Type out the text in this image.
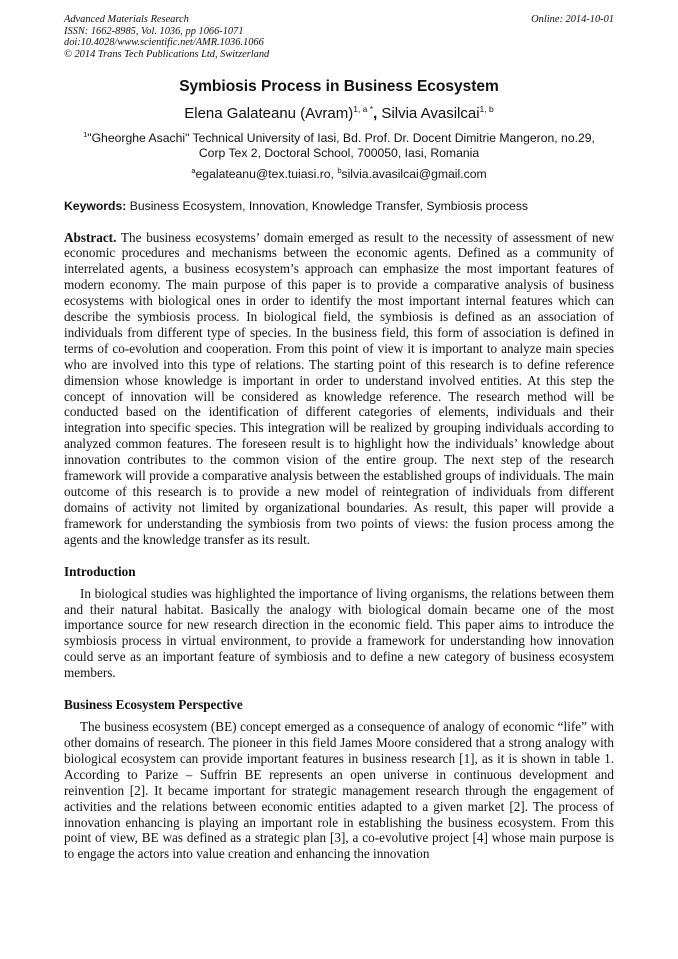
Advanced Materials Research
ISSN: 1662-8985, Vol. 1036, pp 1066-1071
doi:10.4028/www.scientific.net/AMR.1036.1066
© 2014 Trans Tech Publications Ltd, Switzerland
Online: 2014-10-01
Symbiosis Process in Business Ecosystem
Elena Galateanu (Avram)$^{1, a *}$, Silvia Avasilcai$^{1, b}$
$^1$"Gheorghe Asachi" Technical University of Iasi, Bd. Prof. Dr. Docent Dimitrie Mangeron, no.29,
Corp Tex 2, Doctoral School, 700050, Iasi, Romania
$^a$egalateanu@tex.tuiasi.ro, $^b$silvia.avasilcai@gmail.com
Keywords: Business Ecosystem, Innovation, Knowledge Transfer, Symbiosis process

Abstract. The business ecosystems’ domain emerged as result to the necessity of assessment of new economic procedures and mechanisms between the economic agents. Defined as a community of interrelated agents, a business ecosystem’s approach can emphasize the most important features of modern economy. The main purpose of this paper is to provide a comparative analysis of business ecosystems with biological ones in order to identify the most important internal features which can describe the symbiosis process. In biological field, the symbiosis is defined as an association of individuals from different type of species. In the business field, this form of association is defined in terms of co-evolution and cooperation. From this point of view it is important to analyze main species who are involved into this type of relations. The starting point of this research is to define reference dimension whose knowledge is important in order to understand involved entities. At this step the concept of innovation will be considered as knowledge reference. The research method will be conducted based on the identification of different categories of elements, individuals and their integration into specific species. This integration will be realized by grouping individuals according to analyzed common features. The foreseen result is to highlight how the individuals’ knowledge about innovation contributes to the common vision of the entire group. The next step of the research framework will provide a comparative analysis between the established groups of individuals. The main outcome of this research is to provide a new model of reintegration of individuals from different domains of activity not limited by organizational boundaries. As result, this paper will provide a framework for understanding the symbiosis from two points of views: the fusion process among the agents and the knowledge transfer as its result.

Introduction

In biological studies was highlighted the importance of living organisms, the relations between them and their natural habitat. Basically the analogy with biological domain became one of the most importance source for new research direction in the economic field. This paper aims to introduce the symbiosis process in virtual environment, to provide a framework for understanding how innovation could serve as an important feature of symbiosis and to define a new category of business ecosystem members.

Business Ecosystem Perspective

The business ecosystem (BE) concept emerged as a consequence of analogy of economic “life” with other domains of research. The pioneer in this field James Moore considered that a strong analogy with biological ecosystem can provide important features in business research [1], as it is shown in table 1. According to Parize – Suffrin BE represents an open universe in continuous development and reinvention [2]. It became important for strategic management research through the engagement of activities and the relations between economic entities adapted to a given market [2]. The process of innovation enhancing is playing an important role in establishing the business ecosystem. From this point of view, BE was defined as a strategic plan [3], a co-evolutive project [4] whose main purpose is to engage the actors into value creation and enhancing the innovation
